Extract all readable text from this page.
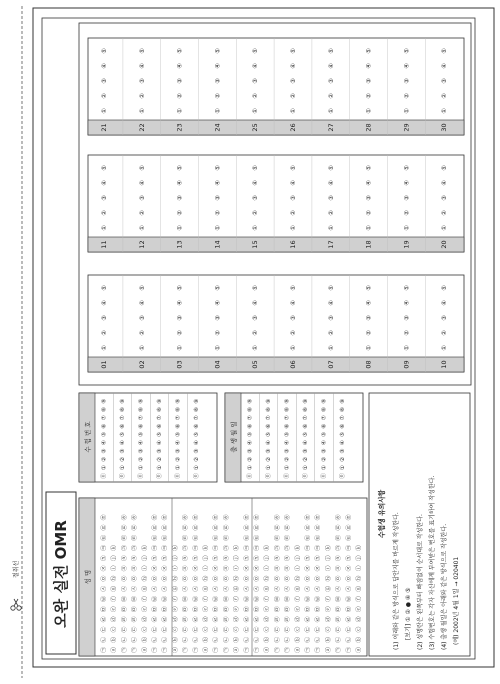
절취선 오완 실전 OMR 성 명
수 험 번 호
⓪
①
②
③
④
⑤
⑥
⑦
⑧
⑨
⓪
①
②
③
④
⑤
⑥
⑦
⑧
⑨
⓪
①
②
③
④
⑤
⑥
⑦
⑧
⑨
⓪
①
②
③
④
⑤
⑥
⑦
⑧
⑨
⓪
①
②
③
④
⑤
⑥
⑦
⑧
⑨
⓪
①
②
③
④
⑤
⑥
⑦
⑧
⑨
출 생 월 일
⓪
①
②
③
④
⑤
⑥
⑦
⑧
⑨
⓪
①
②
③
④
⑤
⑥
⑦
⑧
⑨
⓪
①
②
③
④
⑤
⑥
⑦
⑧
⑨
⓪
①
②
③
④
⑤
⑥
⑦
⑧
⑨
⓪
①
②
③
④
⑤
⑥
⑦
⑧
⑨
⓪
①
②
③
④
⑤
⑥
⑦
⑧
⑨
수험생 유의사항 (1) 이래와 같은 방식으로 답안지를 바르게 작성한다. [보기] ① ② ● ④ ⑤ (2) 성명란은 왼쪽부터 빠짐없이 순서대로 작성한다. (3) 수험번호는 각자 자신에게 부여받은 번호를 표기하여 작성한다. (4) 출생 월일은 아래와 같은 방식으로 작성한다. (예) 2002년 4월 1일 → 020401
01
①
②
③
④
⑤
02
①
②
③
④
⑤
03
①
②
③
④
⑤
04
①
②
③
④
⑤
05
①
②
③
④
⑤
06
①
②
③
④
⑤
07
①
②
③
④
⑤
08
①
②
③
④
⑤
09
①
②
③
④
⑤
10
①
②
③
④
⑤
11
①
②
③
④
⑤
12
①
②
③
④
⑤
13
①
②
③
④
⑤
14
①
②
③
④
⑤
15
①
②
③
④
⑤
16
①
②
③
④
⑤
17
①
②
③
④
⑤
18
①
②
③
④
⑤
19
①
②
③
④
⑤
20
①
②
③
④
⑤
21
①
②
③
④
⑤
22
①
②
③
④
⑤
23
①
②
③
④
⑤
24
①
②
③
④
⑤
25
①
②
③
④
⑤
26
①
②
③
④
⑤
27
①
②
③
④
⑤
28
①
②
③
④
⑤
29
①
②
③
④
⑤
30
①
②
③
④
⑤
㉠
㉡
㉢
㉣
㉤
㉥
㉦
㉧
㉨
㉩
㉪
㉫
㉬
㉭
ⓐ
ⓑ
ⓒ
ⓓ
ⓔ
ⓕ
ⓖ
ⓗ
ⓘ
ⓙ
ⓚ
㉠
㉡
㉢
㉣
㉤
㉥
㉦
㉧
㉨
㉩
㉪
㉫
㉬
㉭
㉠
㉡
㉢
㉣
㉤
㉥
㉦
㉧
㉨
㉩
㉪
㉫
㉬
㉭
ⓐ
ⓑ
ⓒ
ⓓ
ⓔ
ⓕ
ⓖ
ⓗ
ⓘ
ⓙ
ⓚ
㉠
㉡
㉢
㉣
㉤
㉥
㉦
㉧
㉨
㉩
㉪
㉫
㉬
㉭
㉠
㉡
㉢
㉣
㉤
㉥
㉦
㉧
㉨
㉩
㉪
㉫
㉬
㉭
ⓐ
ⓑ
ⓒ
ⓓ
ⓔ
ⓕ
ⓖ
ⓗ
ⓘ
ⓙ
ⓚ
㉠
㉡
㉢
㉣
㉤
㉥
㉦
㉧
㉨
㉩
㉪
㉫
㉬
㉭
㉠
㉡
㉢
㉣
㉤
㉥
㉦
㉧
㉨
㉩
㉪
㉫
㉬
㉭
ⓐ
ⓑ
ⓒ
ⓓ
ⓔ
ⓕ
ⓖ
ⓗ
ⓘ
ⓙ
ⓚ
㉠
㉡
㉢
㉣
㉤
㉥
㉦
㉧
㉨
㉩
㉪
㉫
㉬
㉭
㉠
㉡
㉢
㉣
㉤
㉥
㉦
㉧
㉨
㉩
㉪
㉫
㉬
㉭
ⓐ
ⓑ
ⓒ
ⓓ
ⓔ
ⓕ
ⓖ
ⓗ
ⓘ
ⓙ
ⓚ
㉠
㉡
㉢
㉣
㉤
㉥
㉦
㉧
㉨
㉩
㉪
㉫
㉬
㉭
㉠
㉡
㉢
㉣
㉤
㉥
㉦
㉧
㉨
㉩
㉪
㉫
㉬
㉭
ⓐ
ⓑ
ⓒ
ⓓ
ⓔ
ⓕ
ⓖ
ⓗ
ⓘ
ⓙ
ⓚ
㉠
㉡
㉢
㉣
㉤
㉥
㉦
㉧
㉨
㉩
㉪
㉫
㉬
㉭
㉠
㉡
㉢
㉣
㉤
㉥
㉦
㉧
㉨
㉩
㉪
㉫
㉬
㉭
ⓐ
ⓑ
ⓒ
ⓓ
ⓔ
ⓕ
ⓖ
ⓗ
ⓘ
ⓙ
ⓚ
㉠
㉡
㉢
㉣
㉤
㉥
㉦
㉧
㉨
㉩
㉪
㉫
㉬
㉭
㉠
㉡
㉢
㉣
㉤
㉥
㉦
㉧
㉨
㉩
㉪
㉫
㉬
㉭
ⓐ
ⓑ
ⓒ
ⓓ
ⓔ
ⓕ
ⓖ
ⓗ
ⓘ
ⓙ
ⓚ
㉠
㉡
㉢
㉣
㉤
㉥
㉦
㉧
㉨
㉩
㉪
㉫
㉬
㉭
㉠
㉡
㉢
㉣
㉤
㉥
㉦
㉧
㉨
㉩
㉪
㉫
㉬
㉭
ⓐ
ⓑ
ⓒ
ⓓ
ⓔ
ⓕ
ⓖ
ⓗ
ⓘ
ⓙ
ⓚ
